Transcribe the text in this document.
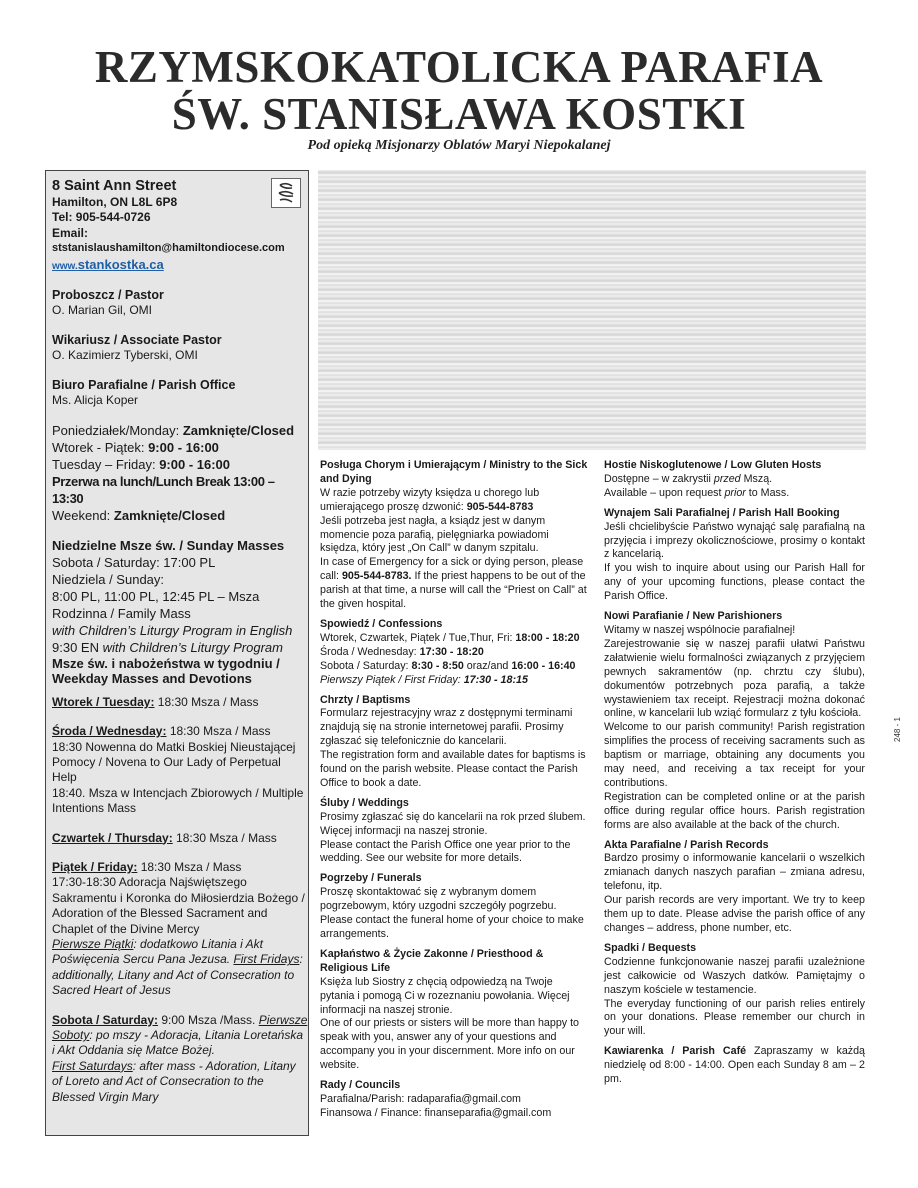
RZYMSKOKATOLICKA PARAFIA
ŚW. STANISŁAWA KOSTKI
Pod opieką Misjonarzy Oblatów Maryi Niepokalanej
8 Saint Ann Street
Hamilton, ON L8L 6P8
Tel: 905-544-0726
Email:
ststanislaushamilton@hamiltondiocese.com
www.stankostka.ca
Proboszcz / Pastor
O. Marian Gil, OMI
Wikariusz / Associate Pastor
O. Kazimierz Tyberski, OMI
Biuro Parafialne / Parish Office
Ms. Alicja Koper
Poniedziałek/Monday: Zamknięte/Closed
Wtorek - Piątek: 9:00 - 16:00
Tuesday – Friday: 9:00 - 16:00
Przerwa na lunch/Lunch Break 13:00 – 13:30
Weekend: Zamknięte/Closed
Niedzielne Msze św. / Sunday Masses
Sobota / Saturday: 17:00 PL
Niedziela / Sunday:
8:00 PL, 11:00 PL, 12:45 PL – Msza Rodzinna / Family Mass
with Children’s Liturgy Program in English
9:30 EN with Children’s Liturgy Program
Msze św. i nabożeństwa w tygodniu / Weekday Masses and Devotions
Wtorek / Tuesday: 18:30 Msza / Mass
Środa / Wednesday: 18:30 Msza / Mass
18:30 Nowenna do Matki Boskiej Nieustającej Pomocy / Novena to Our Lady of Perpetual Help
18:40. Msza w Intencjach Zbiorowych / Multiple Intentions Mass
Czwartek / Thursday: 18:30 Msza / Mass
Piątek / Friday: 18:30 Msza / Mass
17:30-18:30 Adoracja Najświętszego Sakramentu i Koronka do Miłosierdzia Bożego / Adoration of the Blessed Sacrament and Chaplet of the Divine Mercy
Pierwsze Piątki: dodatkowo Litania i Akt Poświęcenia Sercu Pana Jezusa. First Fridays: additionally, Litany and Act of Consecration to Sacred Heart of Jesus
Sobota / Saturday: 9:00 Msza /Mass. Pierwsze Soboty: po mszy - Adoracja, Litania Loretańska i Akt Oddania się Matce Bożej.
First Saturdays: after mass - Adoration, Litany of Loreto and Act of Consecration to the Blessed Virgin Mary
Posługa Chorym i Umierającym / Ministry to the Sick and Dying

W razie potrzeby wizyty księdza u chorego lub umierającego proszę dzwonić: 905-544-8783

Jeśli potrzeba jest nagła, a ksiądz jest w danym momencie poza parafią, pielęgniarka powiadomi księdza, który jest „On Call” w danym szpitalu.

In case of Emergency for a sick or dying person, please call: 905-544-8783. If the priest happens to be out of the parish at that time, a nurse will call the “Priest on Call” at the given hospital.

Spowiedź / Confessions

Wtorek, Czwartek, Piątek / Tue,Thur, Fri: 18:00 - 18:20

Środa / Wednesday: 17:30 - 18:20

Sobota / Saturday: 8:30 - 8:50 oraz/and 16:00 - 16:40

Pierwszy Piątek / First Friday: 17:30 - 18:15

Chrzty / Baptisms

Formularz rejestracyjny wraz z dostępnymi terminami znajdują się na stronie internetowej parafii. Prosimy zgłaszać się telefonicznie do kancelarii.

The registration form and available dates for baptisms is found on the parish website. Please contact the Parish Office to book a date.

Śluby / Weddings

Prosimy zgłaszać się do kancelarii na rok przed ślubem. Więcej informacji na naszej stronie.

Please contact the Parish Office one year prior to the wedding. See our website for more details.

Pogrzeby / Funerals

Proszę skontaktować się z wybranym domem pogrzebowym, który uzgodni szczegóły pogrzebu.

Please contact the funeral home of your choice to make arrangements.

Kapłaństwo & Życie Zakonne / Priesthood & Religious Life

Księża lub Siostry z chęcią odpowiedzą na Twoje pytania i pomogą Ci w rozeznaniu powołania. Więcej informacji na naszej stronie.

One of our priests or sisters will be more than happy to speak with you, answer any of your questions and accompany you in your discernment. More info on our website.

Rady / Councils

Parafialna/Parish: radaparafia@gmail.com

Finansowa / Finance: finanseparafia@gmail.com

Hostie Niskoglutenowe / Low Gluten Hosts

Dostępne – w zakrystii przed Mszą.

Available – upon request prior to Mass.

Wynajem Sali Parafialnej / Parish Hall Booking

Jeśli chcielibyście Państwo wynająć salę parafialną na przyjęcia i imprezy okolicznościowe, prosimy o kontakt z kancelarią.

If you wish to inquire about using our Parish Hall for any of your upcoming functions, please contact the Parish Office.

Nowi Parafianie / New Parishioners

Witamy w naszej wspólnocie parafialnej!

Zarejestrowanie się w naszej parafii ułatwi Państwu załatwienie wielu formalności związanych z przyjęciem pewnych sakramentów (np. chrztu czy ślubu), dokumentów potrzebnych poza parafią, a także wystawieniem tax receipt. Rejestracji można dokonać online, w kancelarii lub wziąć formularz z tyłu kościoła.

Welcome to our parish community! Parish registration simplifies the process of receiving sacraments such as baptism or marriage, obtaining any documents you may need, and receiving a tax receipt for your contributions.

Registration can be completed online or at the parish office during regular office hours. Parish registration forms are also available at the back of the church.

Akta Parafialne / Parish Records

Bardzo prosimy o informowanie kancelarii o wszelkich zmianach danych naszych parafian – zmiana adresu, telefonu, itp.

Our parish records are very important. We try to keep them up to date. Please advise the parish office of any changes – address, phone number, etc.

Spadki / Bequests

Codzienne funkcjonowanie naszej parafii uzależnione jest całkowicie od Waszych datków. Pamiętajmy o naszym kościele w testamencie.

The everyday functioning of our parish relies entirely on your donations. Please remember our church in your will.

Kawiarenka / Parish Café Zapraszamy w każdą niedzielę od 8:00 - 14:00. Open each Sunday 8 am – 2 pm.

248 - 1
